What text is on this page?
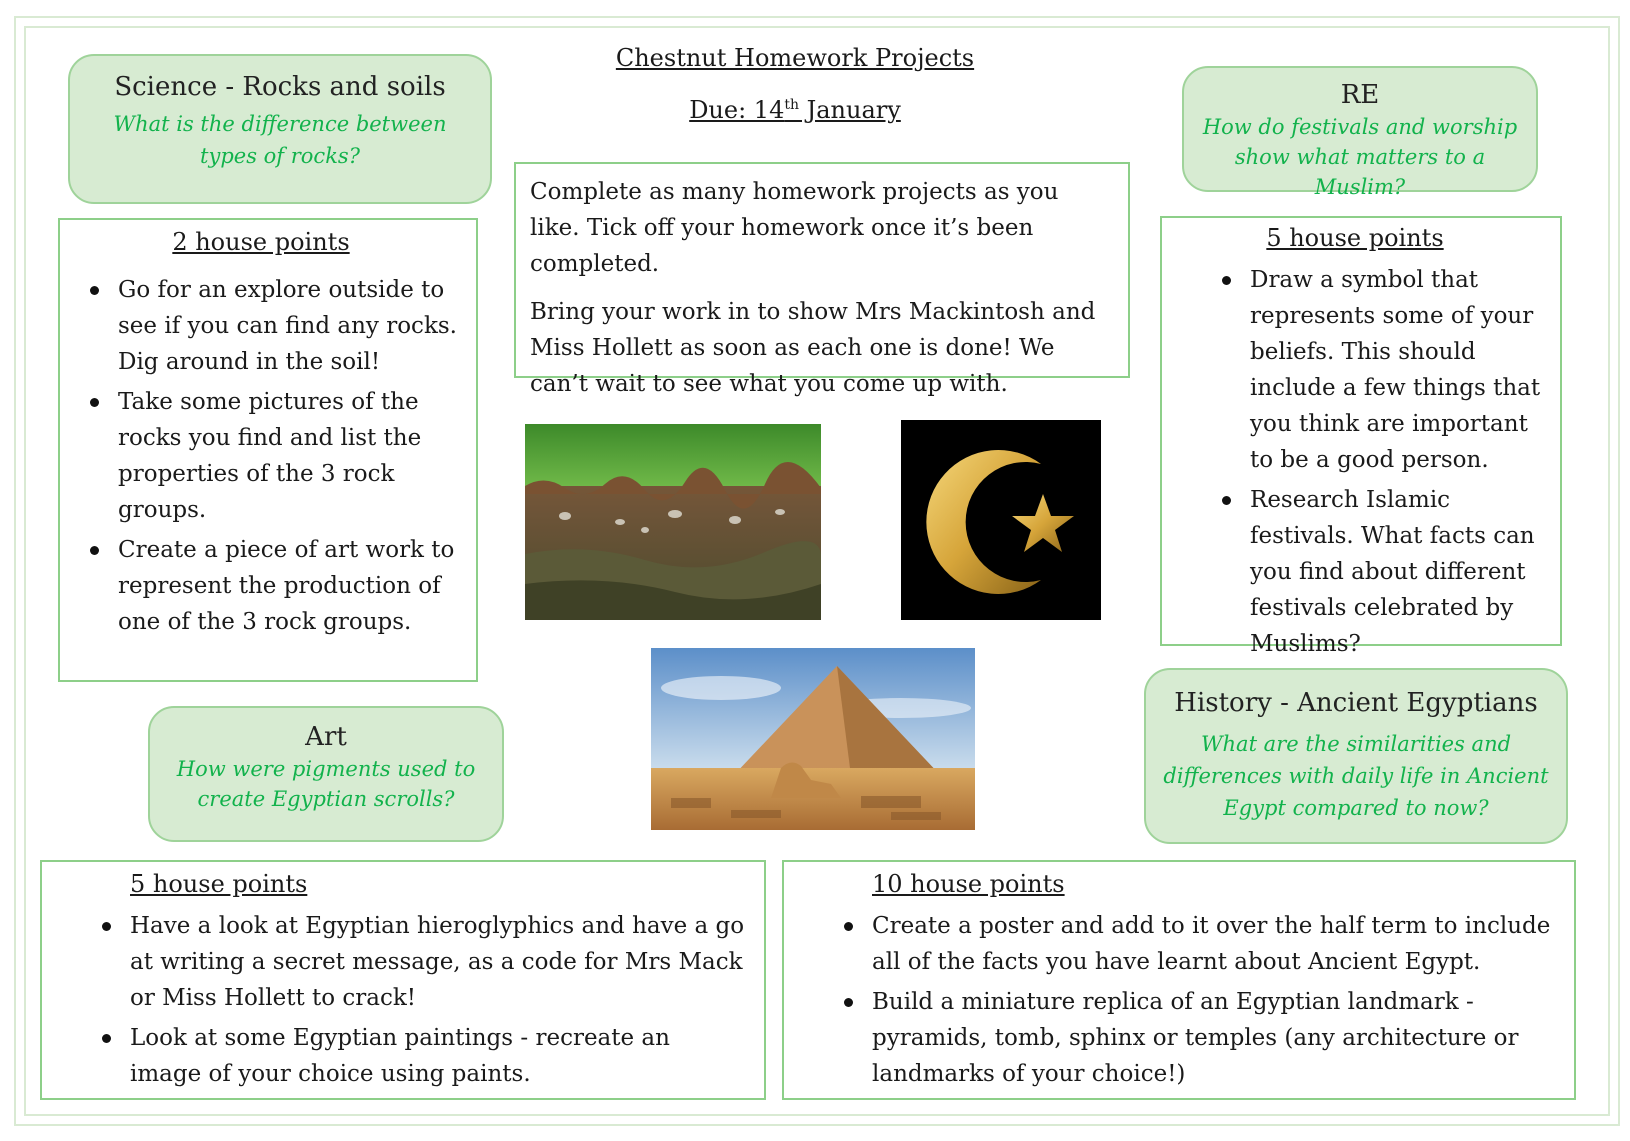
Chestnut Homework Projects
Due: 14th January
Science - Rocks and soils
What is the difference between types of rocks?
2 house points
Go for an explore outside to see if you can find any rocks. Dig around in the soil!
Take some pictures of the rocks you find and list the properties of the 3 rock groups.
Create a piece of art work to represent the production of one of the 3 rock groups.

Complete as many homework projects as you like. Tick off your homework once it’s been completed.

Bring your work in to show Mrs Mackintosh and Miss Hollett as soon as each one is done! We can’t wait to see what you come up with.

RE
How do festivals and worship show what matters to a Muslim?
5 house points
Draw a symbol that represents some of your beliefs. This should include a few things that you think are important to be a good person.
Research Islamic festivals. What facts can you find about different festivals celebrated by Muslims?
Art
How were pigments used to create Egyptian scrolls?
History - Ancient Egyptians
What are the similarities and differences with daily life in Ancient Egypt compared to now?
5 house points
Have a look at Egyptian hieroglyphics and have a go at writing a secret message, as a code for Mrs Mack or Miss Hollett to crack!
Look at some Egyptian paintings - recreate an image of your choice using paints.
10 house points
Create a poster and add to it over the half term to include all of the facts you have learnt about Ancient Egypt.
Build a miniature replica of an Egyptian landmark - pyramids, tomb, sphinx or temples (any architecture or landmarks of your choice!)
